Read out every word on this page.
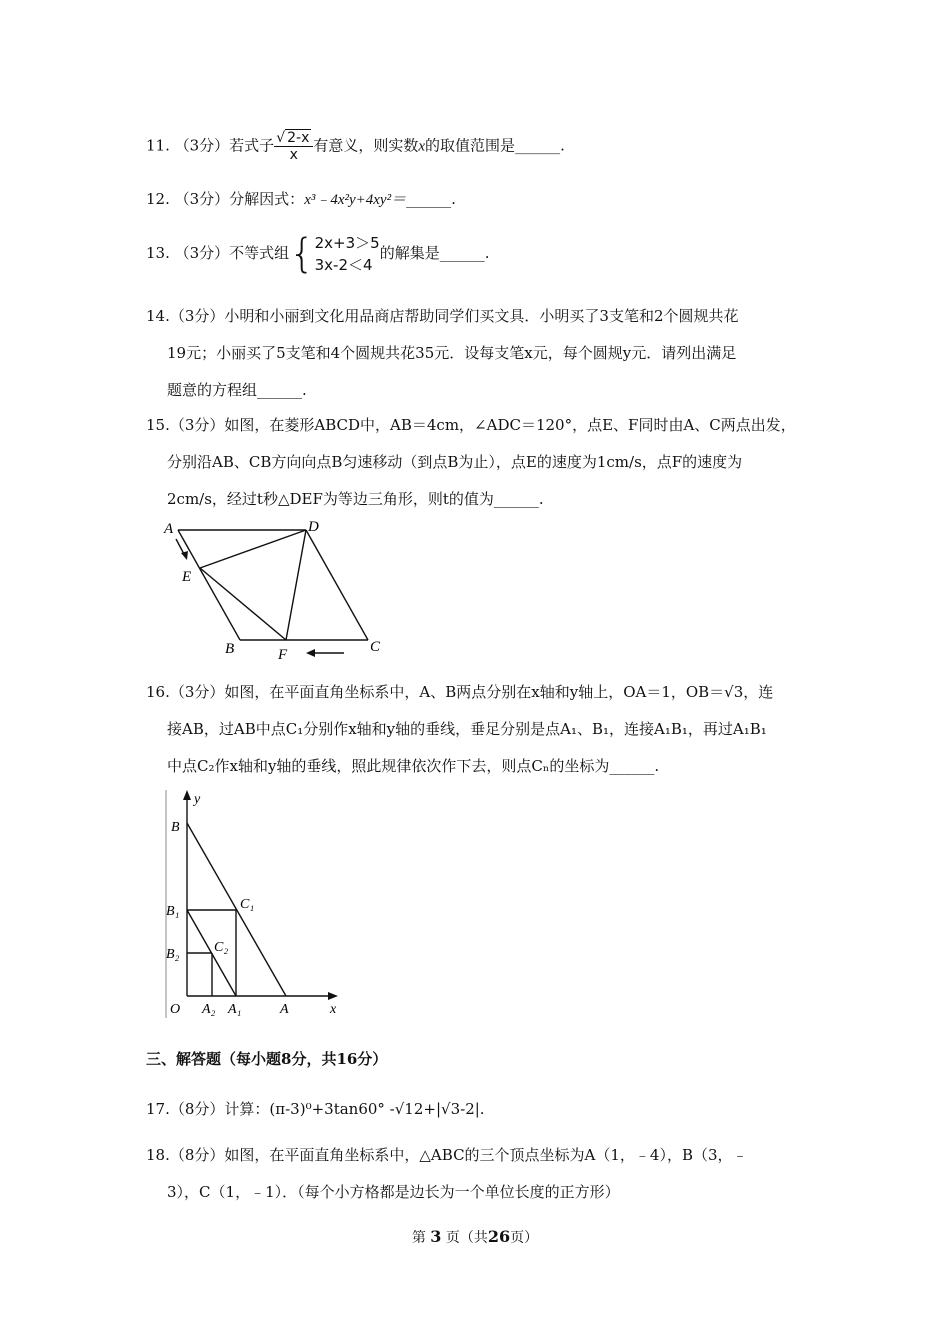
11. （3分）若式子 $\frac{√ 2-x}{x}$ 有意义，则实数x的取值范围是______.
12. （3分）分解因式：x³﹣4x²y+4xy²＝______.
13. （3分）不等式组{ 2x+3＞5
3x-2＜4
的解集是______.
14.（3分）小明和小丽到文化用品商店帮助同学们买文具．小明买了3支笔和2个圆规共花
19元；小丽买了5支笔和4个圆规共花35元．设每支笔x元，每个圆规y元．请列出满足
题意的方程组______.
15.（3分）如图，在菱形ABCD中，AB＝4cm，∠ADC＝120°，点E、F同时由A、C两点出发，
分别沿AB、CB方向向点B匀速移动（到点B为止），点E的速度为1cm/s，点F的速度为
2cm/s，经过t秒△DEF为等边三角形，则t的值为______.
A	D
E
B	F	C
16.（3分）如图，在平面直角坐标系中，A、B两点分别在x轴和y轴上，OA＝1，OB＝√3，连
接AB，过AB中点C₁分别作x轴和y轴的垂线，垂足分别是点A₁、B₁，连接A₁B₁，再过A₁B₁
中点C₂作x轴和y轴的垂线，照此规律依次作下去，则点Cₙ的坐标为______.
y
x
B
B₁
B₂
C₁
C₂
O A₂ A₁	A
三、解答题（每小题8分，共16分）
17.（8分）计算：(π-3)⁰+3tan60° -√12+|√3-2|.
18.（8分）如图，在平面直角坐标系中，△ABC的三个顶点坐标为A（1，﹣4），B（3，﹣
3），C（1，﹣1）．（每个小方格都是边长为一个单位长度的正方形）
第 3 页（共26页）
